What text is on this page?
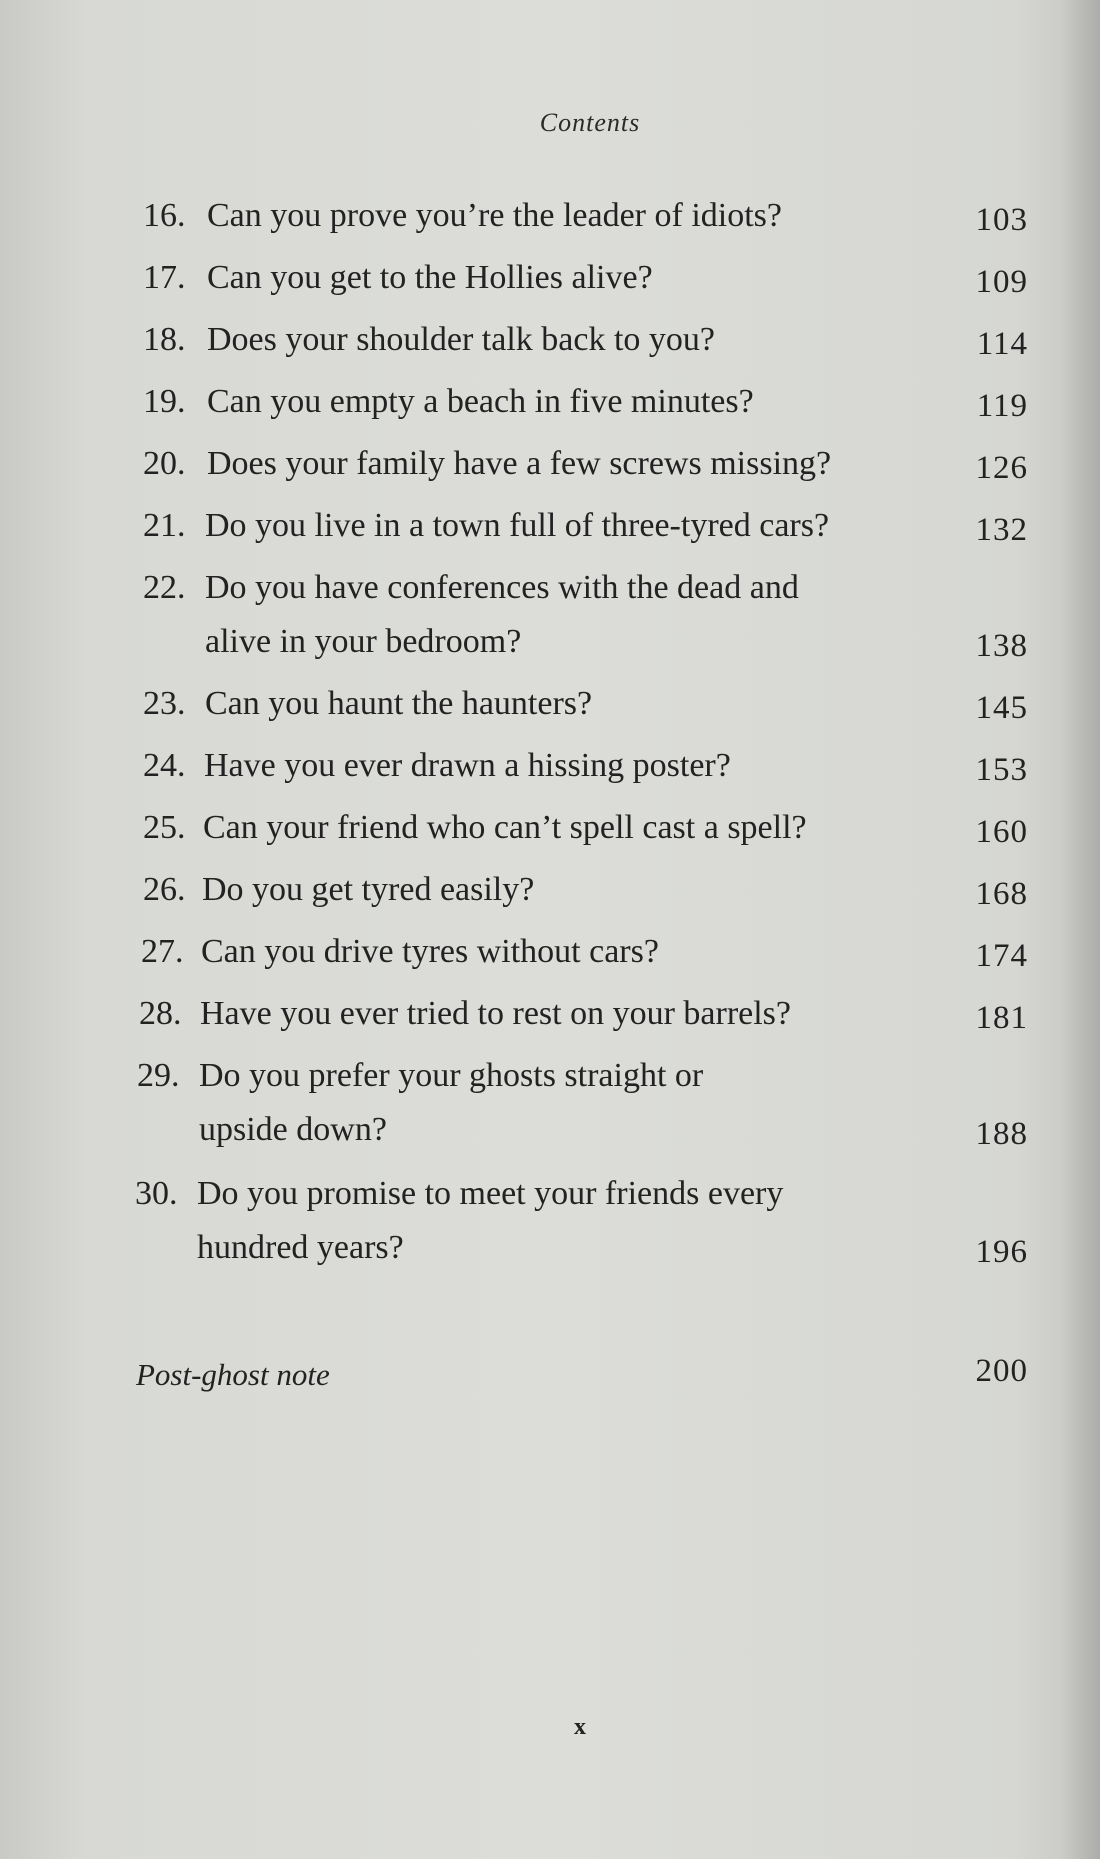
Contents
16. Can you prove you’re the leader of idiots?	103
17. Can you get to the Hollies alive?	109
18. Does your shoulder talk back to you?	114
19. Can you empty a beach in five minutes?	119
20. Does your family have a few screws missing?	126
21. Do you live in a town full of three-tyred cars?	132
22. Do you have conferences with the dead and
alive in your bedroom?	138
23. Can you haunt the haunters?	145
24. Have you ever drawn a hissing poster?	153
25. Can your friend who can’t spell cast a spell?	160
26. Do you get tyred easily?	168
27. Can you drive tyres without cars?	174
28. Have you ever tried to rest on your barrels?	181
29. Do you prefer your ghosts straight or
upside down?	188
30. Do you promise to meet your friends every
hundred years?	196
Post-ghost note	200
x
